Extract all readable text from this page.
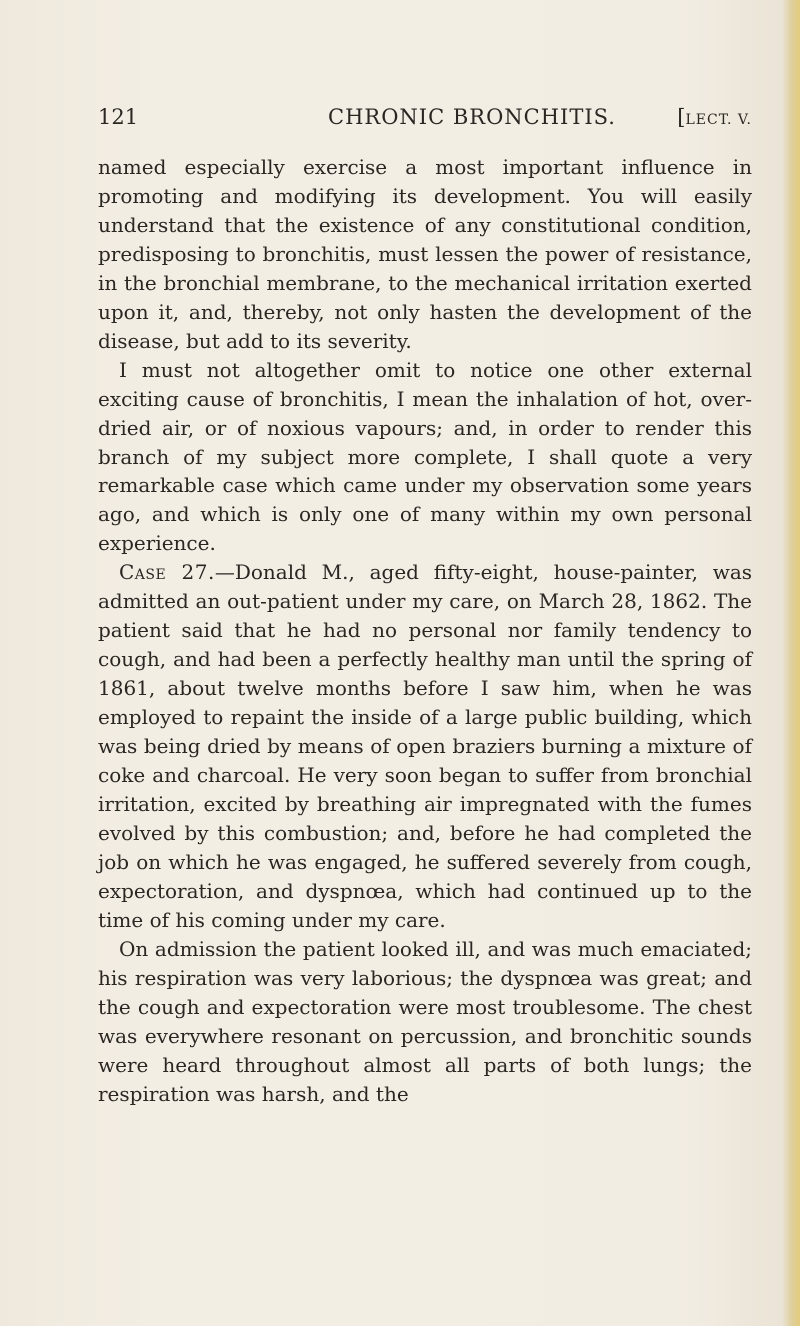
121	CHRONIC BRONCHITIS.	[LECT. V.

named especially exercise a most important influence in promoting and modifying its development. You will easily understand that the existence of any constitutional condition, predisposing to bronchitis, must lessen the power of resistance, in the bronchial membrane, to the mechanical irritation exerted upon it, and, thereby, not only hasten the development of the disease, but add to its severity.

I must not altogether omit to notice one other external exciting cause of bronchitis, I mean the inhalation of hot, over-dried air, or of noxious vapours; and, in order to render this branch of my subject more complete, I shall quote a very remarkable case which came under my observation some years ago, and which is only one of many within my own personal experience.

Case 27.—Donald M., aged fifty-eight, house-painter, was admitted an out-patient under my care, on March 28, 1862. The patient said that he had no personal nor family tendency to cough, and had been a perfectly healthy man until the spring of 1861, about twelve months before I saw him, when he was employed to repaint the inside of a large public building, which was being dried by means of open braziers burning a mixture of coke and charcoal. He very soon began to suffer from bronchial irritation, excited by breathing air impregnated with the fumes evolved by this combustion; and, before he had completed the job on which he was engaged, he suffered severely from cough, expectoration, and dyspnœa, which had continued up to the time of his coming under my care.

On admission the patient looked ill, and was much emaciated; his respiration was very laborious; the dyspnœa was great; and the cough and expectoration were most troublesome. The chest was everywhere resonant on percussion, and bronchitic sounds were heard throughout almost all parts of both lungs; the respiration was harsh, and the
